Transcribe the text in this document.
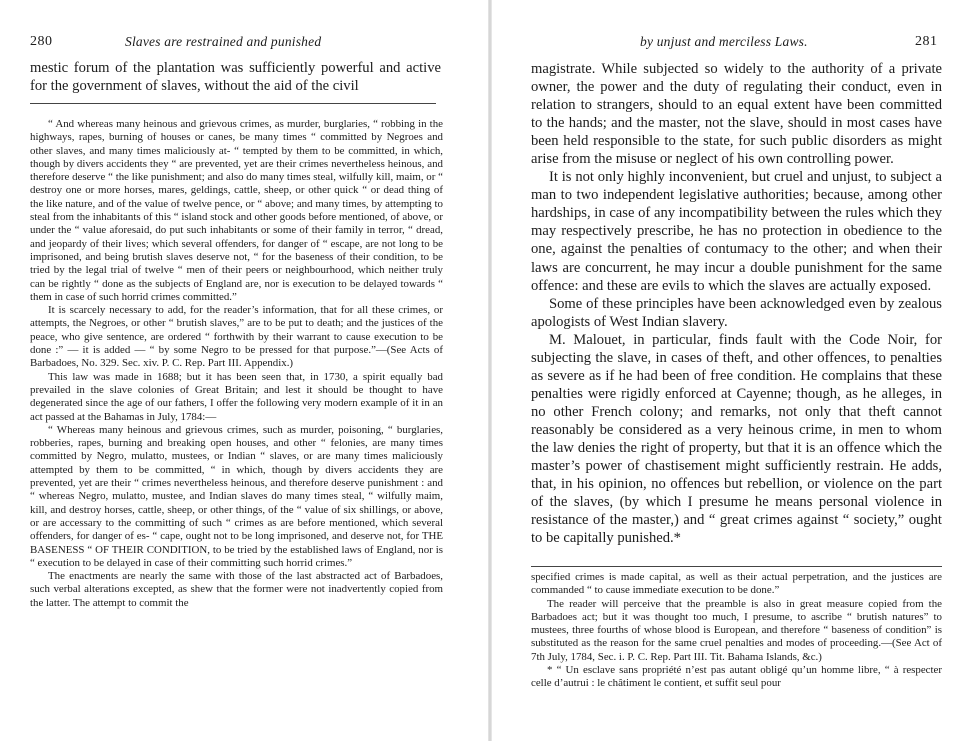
280	Slaves are restrained and punished

mestic forum of the plantation was sufficiently powerful and active for the government of slaves, without the aid of the civil

“ And whereas many heinous and grievous crimes, as murder, burglaries, “ robbing in the highways, rapes, burning of houses or canes, be many times “ committed by Negroes and other slaves, and many times maliciously at- “ tempted by them to be committed, in which, though by divers accidents they “ are prevented, yet are their crimes nevertheless heinous, and therefore deserve “ the like punishment; and also do many times steal, wilfully kill, maim, or “ destroy one or more horses, mares, geldings, cattle, sheep, or other quick “ or dead thing of the like nature, and of the value of twelve pence, or “ above; and many times, by attempting to steal from the inhabitants of this “ island stock and other goods before mentioned, of above, or under the “ value aforesaid, do put such inhabitants or some of their family in terror, “ dread, and jeopardy of their lives; which several offenders, for danger of “ escape, are not long to be imprisoned, and being brutish slaves deserve not, “ for the baseness of their condition, to be tried by the legal trial of twelve “ men of their peers or neighbourhood, which neither truly can be rightly “ done as the subjects of England are, nor is execution to be delayed towards “ them in case of such horrid crimes committed.”

It is scarcely necessary to add, for the reader’s information, that for all these crimes, or attempts, the Negroes, or other “ brutish slaves,” are to be put to death; and the justices of the peace, who give sentence, are ordered “ forthwith by their warrant to cause execution to be done :” — it is added — “ by some Negro to be pressed for that purpose.”—(See Acts of Barbadoes, No. 329. Sec. xiv. P. C. Rep. Part III. Appendix.)

This law was made in 1688; but it has been seen that, in 1730, a spirit equally bad prevailed in the slave colonies of Great Britain; and lest it should be thought to have degenerated since the age of our fathers, I offer the following very modern example of it in an act passed at the Bahamas in July, 1784:—

“ Whereas many heinous and grievous crimes, such as murder, poisoning, “ burglaries, robberies, rapes, burning and breaking open houses, and other “ felonies, are many times committed by Negro, mulatto, mustees, or Indian “ slaves, or are many times maliciously attempted by them to be committed, “ in which, though by divers accidents they are prevented, yet are their “ crimes nevertheless heinous, and therefore deserve punishment : and “ whereas Negro, mulatto, mustee, and Indian slaves do many times steal, “ wilfully maim, kill, and destroy horses, cattle, sheep, or other things, of the “ value of six shillings, or above, or are accessary to the committing of such “ crimes as are before mentioned, which several offenders, for danger of es- “ cape, ought not to be long imprisoned, and deserve not, for THE BASENESS “ OF THEIR CONDITION, to be tried by the established laws of England, nor is “ execution to be delayed in case of their committing such horrid crimes.”

The enactments are nearly the same with those of the last abstracted act of Barbadoes, such verbal alterations excepted, as shew that the former were not inadvertently copied from the latter. The attempt to commit the

by unjust and merciless Laws.	281

magistrate. While subjected so widely to the authority of a private owner, the power and the duty of regulating their conduct, even in relation to strangers, should to an equal extent have been committed to the hands; and the master, not the slave, should in most cases have been held responsible to the state, for such public disorders as might arise from the misuse or neglect of his own controlling power.

It is not only highly inconvenient, but cruel and unjust, to subject a man to two independent legislative authorities; because, among other hardships, in case of any incompatibility between the rules which they may respectively prescribe, he has no protection in obedience to the one, against the penalties of contumacy to the other; and when their laws are concurrent, he may incur a double punishment for the same offence: and these are evils to which the slaves are actually exposed.

Some of these principles have been acknowledged even by zealous apologists of West Indian slavery.

M. Malouet, in particular, finds fault with the Code Noir, for subjecting the slave, in cases of theft, and other offences, to penalties as severe as if he had been of free condition. He complains that these penalties were rigidly enforced at Cayenne; though, as he alleges, in no other French colony; and remarks, not only that theft cannot reasonably be considered as a very heinous crime, in men to whom the law denies the right of property, but that it is an offence which the master’s power of chastisement might sufficiently restrain. He adds, that, in his opinion, no offences but rebellion, or violence on the part of the slaves, (by which I presume he means personal violence in resistance of the master,) and “ great crimes against “ society,” ought to be capitally punished.*

specified crimes is made capital, as well as their actual perpetration, and the justices are commanded “ to cause immediate execution to be done.”

The reader will perceive that the preamble is also in great measure copied from the Barbadoes act; but it was thought too much, I presume, to ascribe “ brutish natures” to mustees, three fourths of whose blood is European, and therefore “ baseness of condition” is substituted as the reason for the same cruel penalties and modes of proceeding.—(See Act of 7th July, 1784, Sec. i. P. C. Rep. Part III. Tit. Bahama Islands, &c.)

* “ Un esclave sans propriété n’est pas autant obligé qu’un homme libre, “ à respecter celle d’autrui : le châtiment le contient, et suffit seul pour
